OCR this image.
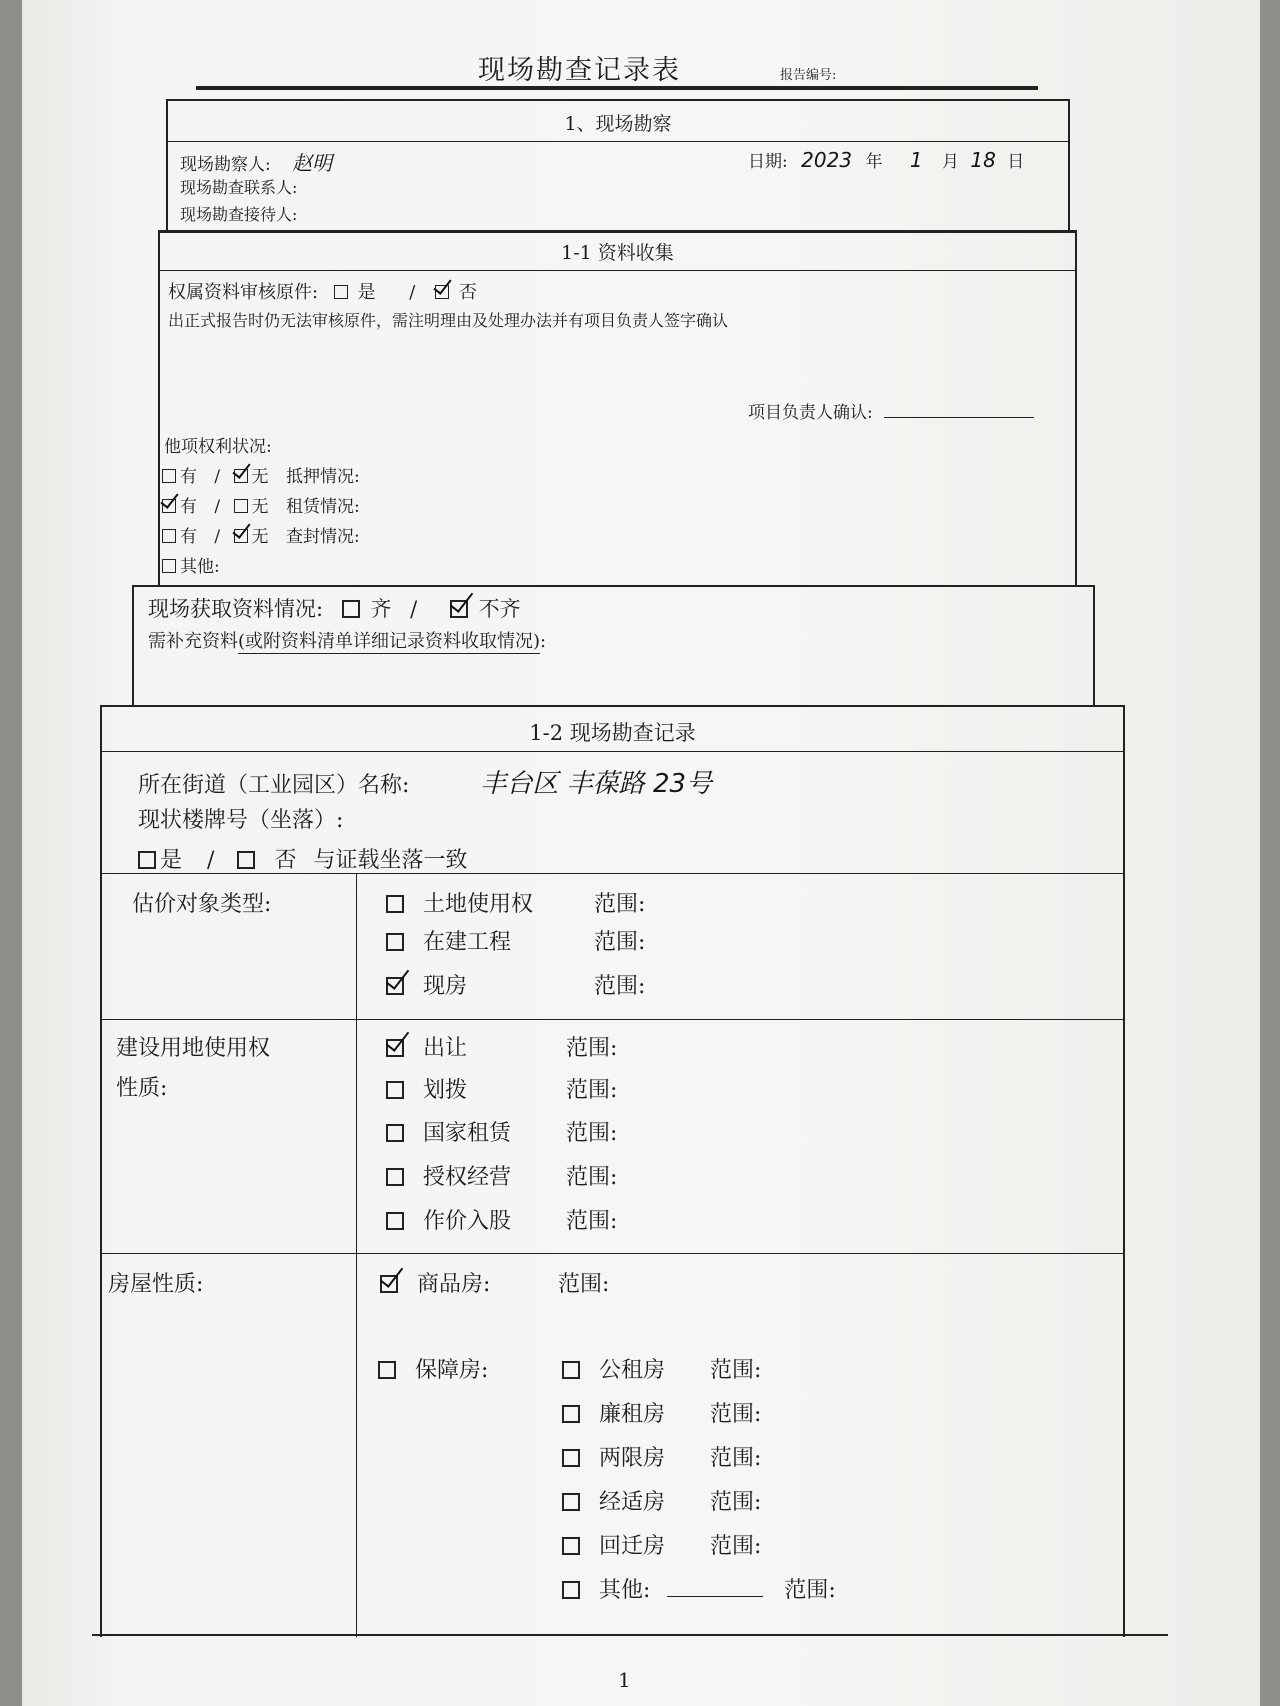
现场勘查记录表	报告编号:
1、现场勘察
现场勘察人: 赵明	日期: 2023 年 1 月 18 日
现场勘查联系人:
现场勘查接待人:
1-1 资料收集
权属资料审核原件: 是 / 否
出正式报告时仍无法审核原件，需注明理由及处理办法并有项目负责人签字确认
项目负责人确认:
他项权利状况:
有 / 无 抵押情况:
有 / 无 租赁情况:
有 / 无 查封情况:
其他:
现场获取资料情况: 齐 /	不齐
需补充资料(或附资料清单详细记录资料收取情况):
1-2 现场勘查记录
所在街道（工业园区）名称:	丰台区 丰葆路 23号
现状楼牌号（坐落）:
是 /	否 与证载坐落一致
估价对象类型:	土地使用权	范围:
在建工程	范围:
现房	范围:
建设用地使用权
性质:
出让	范围:
划拨	范围:
国家租赁 范围:
授权经营 范围:
作价入股 范围:
房屋性质:	商品房:	范围:
保障房:	公租房 范围:
廉租房 范围:
两限房 范围:
经适房 范围:
回迁房 范围:
其他:	范围:
1
